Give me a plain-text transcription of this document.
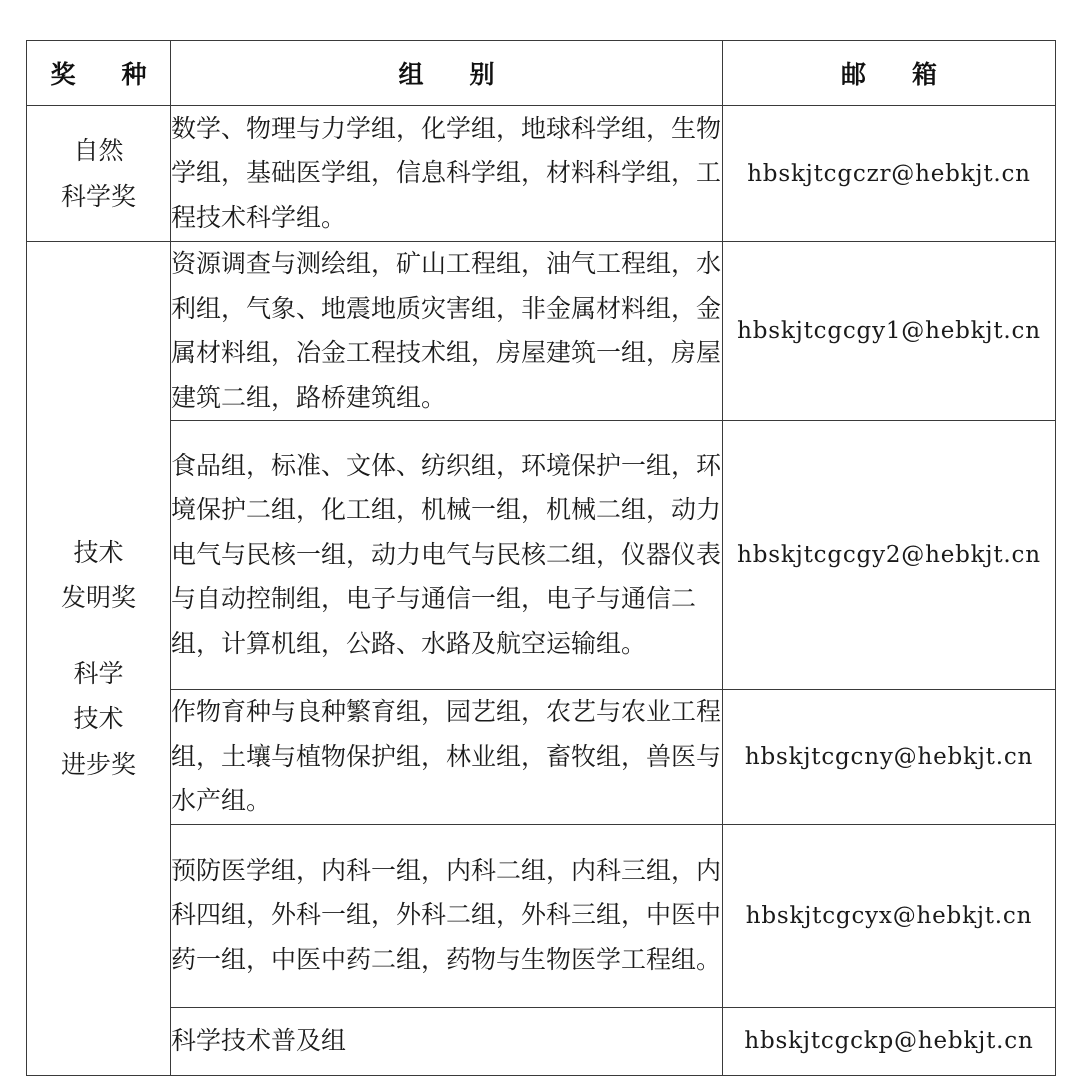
奖　种	组　别	邮　箱

自然
科学奖	数学、物理与力学组，化学组，地球科学组，生物学组，基础医学组，信息科学组，材料科学组，工程技术科学组。	hbskjtcgczr@hebkjt.cn

技术
发明奖
科学
技术
进步奖	资源调查与测绘组，矿山工程组，油气工程组，水利组，气象、地震地质灾害组，非金属材料组，金属材料组，冶金工程技术组，房屋建筑一组，房屋建筑二组，路桥建筑组。	hbskjtcgcgy1@hebkjt.cn
	食品组，标准、文体、纺织组，环境保护一组，环境保护二组，化工组，机械一组，机械二组，动力电气与民核一组，动力电气与民核二组，仪器仪表与自动控制组，电子与通信一组，电子与通信二组，计算机组，公路、水路及航空运输组。	hbskjtcgcgy2@hebkjt.cn
	作物育种与良种繁育组，园艺组，农艺与农业工程组，土壤与植物保护组，林业组，畜牧组，兽医与水产组。	hbskjtcgcny@hebkjt.cn
	预防医学组，内科一组，内科二组，内科三组，内科四组，外科一组，外科二组，外科三组，中医中药一组，中医中药二组，药物与生物医学工程组。	hbskjtcgcyx@hebkjt.cn
	科学技术普及组	hbskjtcgckp@hebkjt.cn
